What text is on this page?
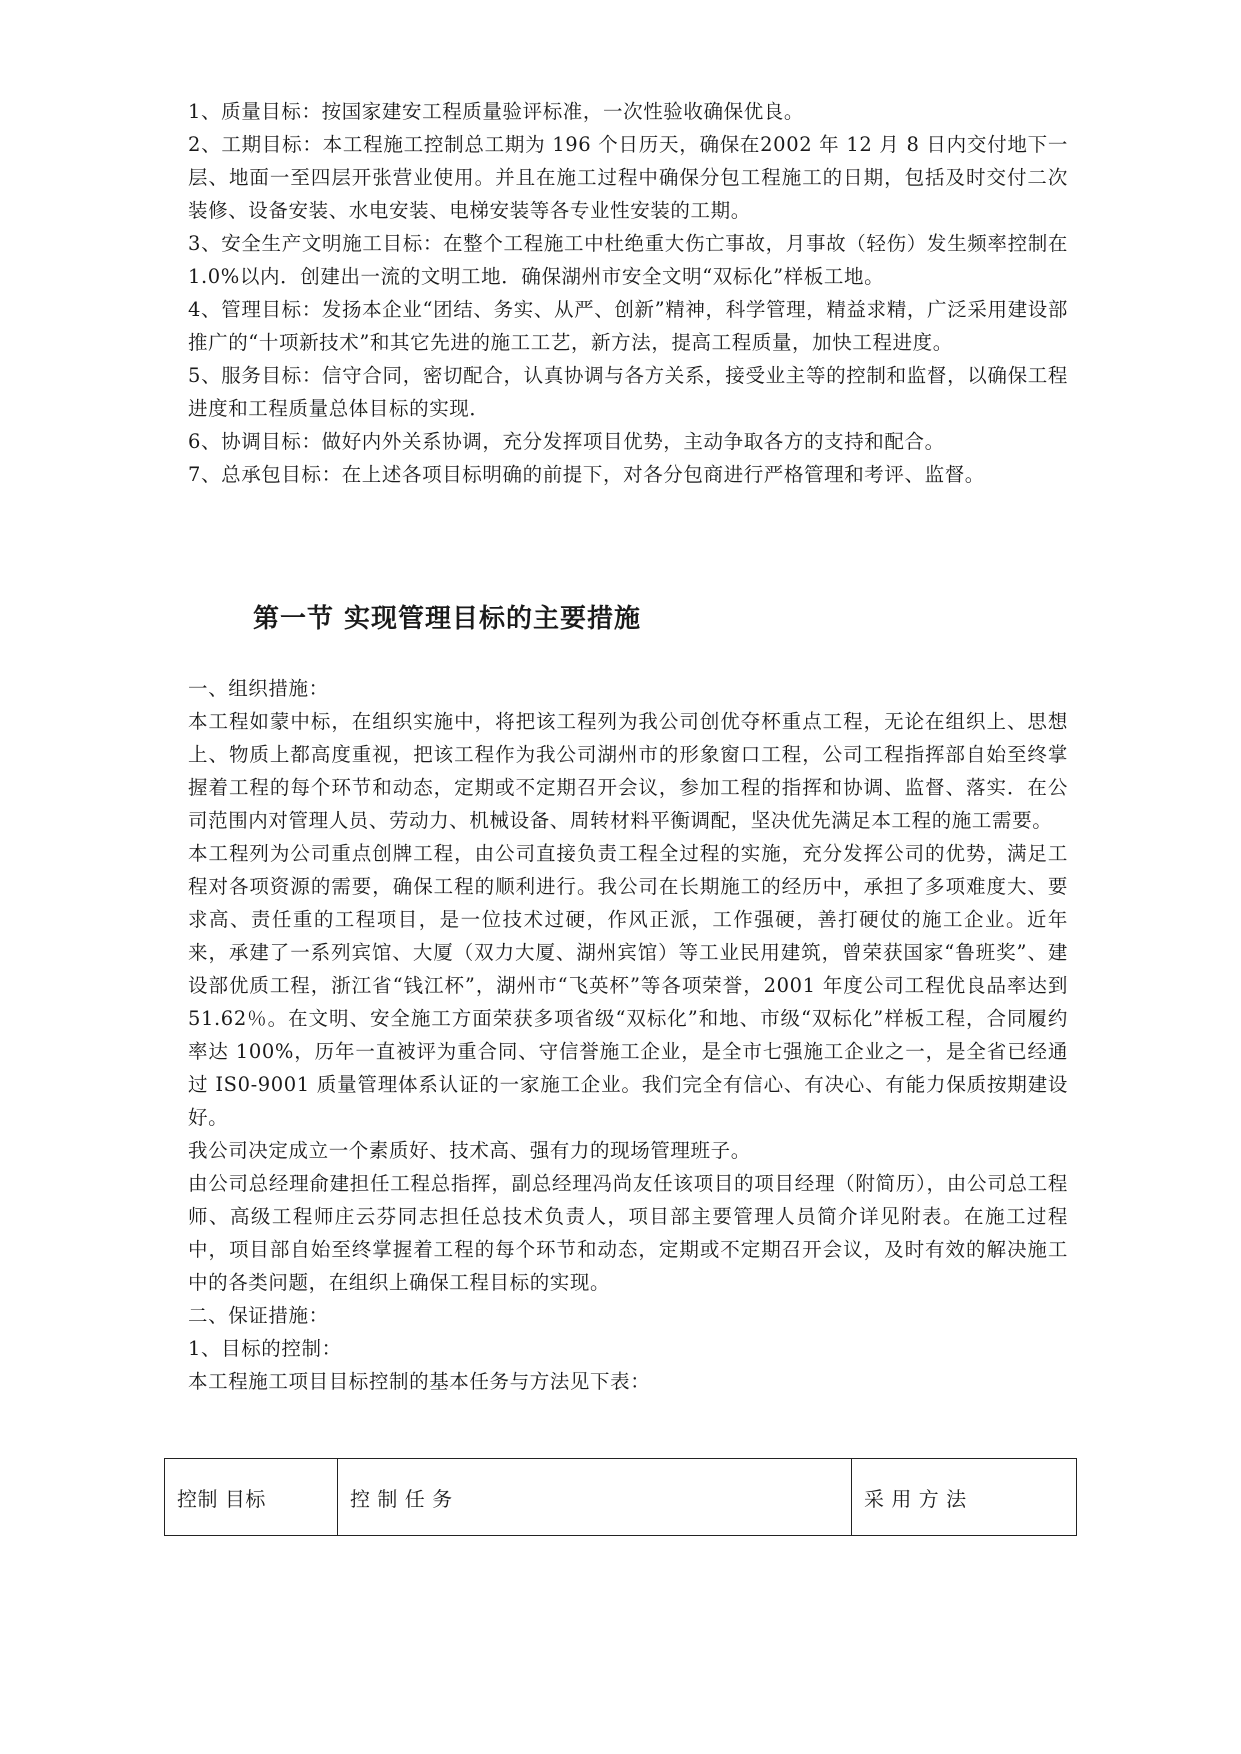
1、质量目标：按国家建安工程质量验评标准，一次性验收确保优良。

2、工期目标：本工程施工控制总工期为 196 个日历天，确保在2002 年 12 月 8 日内交付地下一层、地面一至四层开张营业使用。并且在施工过程中确保分包工程施工的日期，包括及时交付二次装修、设备安装、水电安装、电梯安装等各专业性安装的工期。

3、安全生产文明施工目标：在整个工程施工中杜绝重大伤亡事故，月事故（轻伤）发生频率控制在 1.0%以内．创建出一流的文明工地．确保湖州市安全文明“双标化”样板工地。

4、管理目标：发扬本企业“团结、务实、从严、创新”精神，科学管理，精益求精，广泛采用建设部推广的“十项新技术”和其它先进的施工工艺，新方法，提高工程质量，加快工程进度。

5、服务目标：信守合同，密切配合，认真协调与各方关系，接受业主等的控制和监督，以确保工程进度和工程质量总体目标的实现．

6、协调目标：做好内外关系协调，充分发挥项目优势，主动争取各方的支持和配合。

7、总承包目标：在上述各项目标明确的前提下，对各分包商进行严格管理和考评、监督。

第一节 实现管理目标的主要措施

一、组织措施：

本工程如蒙中标，在组织实施中，将把该工程列为我公司创优夺杯重点工程，无论在组织上、思想上、物质上都高度重视，把该工程作为我公司湖州市的形象窗口工程，公司工程指挥部自始至终掌握着工程的每个环节和动态，定期或不定期召开会议，参加工程的指挥和协调、监督、落实．在公司范围内对管理人员、劳动力、机械设备、周转材料平衡调配，坚决优先满足本工程的施工需要。

本工程列为公司重点创牌工程，由公司直接负责工程全过程的实施，充分发挥公司的优势，满足工程对各项资源的需要，确保工程的顺利进行。我公司在长期施工的经历中，承担了多项难度大、要求高、责任重的工程项目，是一位技术过硬，作风正派，工作强硬，善打硬仗的施工企业。近年来，承建了一系列宾馆、大厦（双力大厦、湖州宾馆）等工业民用建筑，曾荣获国家“鲁班奖”、建设部优质工程，浙江省“钱江杯”，湖州市“飞英杯”等各项荣誉，2001 年度公司工程优良品率达到 51.62％。在文明、安全施工方面荣获多项省级“双标化”和地、市级“双标化”样板工程，合同履约率达 100%，历年一直被评为重合同、守信誉施工企业，是全市七强施工企业之一，是全省已经通过 IS0-9001 质量管理体系认证的一家施工企业。我们完全有信心、有决心、有能力保质按期建设好。

我公司决定成立一个素质好、技术高、强有力的现场管理班子。

由公司总经理俞建担任工程总指挥，副总经理冯尚友任该项目的项目经理（附简历），由公司总工程师、高级工程师庄云芬同志担任总技术负责人，项目部主要管理人员简介详见附表。在施工过程中，项目部自始至终掌握着工程的每个环节和动态，定期或不定期召开会议，及时有效的解决施工中的各类问题，在组织上确保工程目标的实现。

二、保证措施：

1、目标的控制：

本工程施工项目目标控制的基本任务与方法见下表：

控制 目标	控 制 任 务	采 用 方 法
